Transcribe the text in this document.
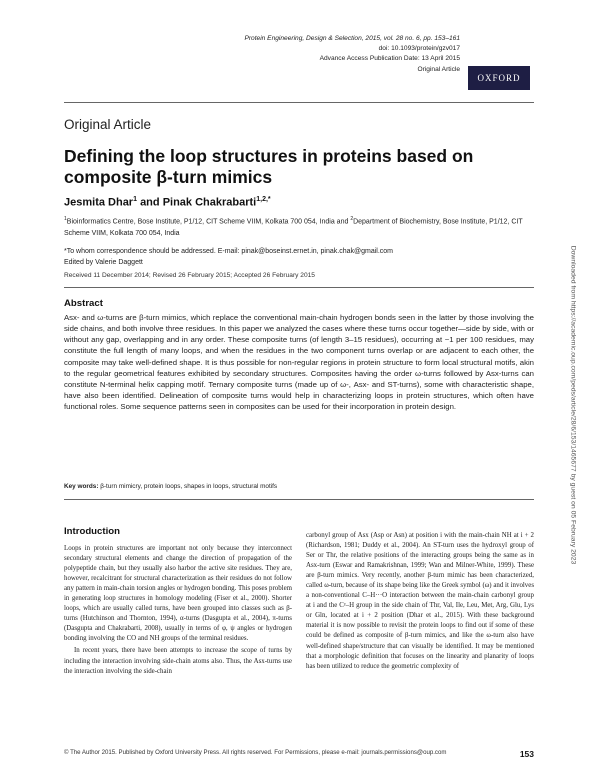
Protein Engineering, Design & Selection, 2015, vol. 28 no. 6, pp. 153–161
doi: 10.1093/protein/gzv017
Advance Access Publication Date: 13 April 2015
Original Article
OXFORD
Original Article
Defining the loop structures in proteins based on composite β-turn mimics
Jesmita Dhar$^1$ and Pinak Chakrabarti$^{1,2,*}$
$^1$Bioinformatics Centre, Bose Institute, P1/12, CIT Scheme VIIM, Kolkata 700 054, India and $^2$Department of Biochemistry, Bose Institute, P1/12, CIT Scheme VIIM, Kolkata 700 054, India
*To whom correspondence should be addressed. E-mail: pinak@boseinst.ernet.in, pinak.chak@gmail.com
Edited by Valerie Daggett
Received 11 December 2014; Revised 26 February 2015; Accepted 26 February 2015
Abstract
Asx- and ω-turns are β-turn mimics, which replace the conventional main-chain hydrogen bonds seen in the latter by those involving the side chains, and both involve three residues. In this paper we analyzed the cases where these turns occur together—side by side, with or without any gap, overlapping and in any order. These composite turns (of length 3–15 residues), occurring at ~1 per 100 residues, may constitute the full length of many loops, and when the residues in the two component turns overlap or are adjacent to each other, the composite may take well-defined shape. It is thus possible for non-regular regions in protein structure to form local structural motifs, akin to the regular geometrical features exhibited by secondary structures. Composites having the order ω-turns followed by Asx-turns can constitute N-terminal helix capping motif. Ternary composite turns (made up of ω-, Asx- and ST-turns), some with characteristic shape, have also been identified. Delineation of composite turns would help in characterizing loops in protein structures, which often have functional roles. Some sequence patterns seen in composites can be used for their incorporation in protein design.
Key words: β-turn mimicry, protein loops, shapes in loops, structural motifs
Introduction
Loops in protein structures are important not only because they interconnect secondary structural elements and change the direction of propagation of the polypeptide chain, but they usually also harbor the active site residues. They are, however, recalcitrant for structural characterization as their residues do not follow any pattern in main-chain torsion angles or hydrogen bonding. This poses problem in generating loop structures in homology modeling (Fiser et al., 2000). Shorter loops, which are usually called turns, have been grouped into classes such as β-turns (Hutchinson and Thornton, 1994), α-turns (Dasgupta et al., 2004), π-turns (Dasgupta and Chakrabarti, 2008), usually in terms of φ, ψ angles or hydrogen bonding involving the CO and NH groups of the terminal residues.
In recent years, there have been attempts to increase the scope of turns by including the interaction involving side-chain atoms also. Thus, the Asx-turns use the interaction involving the side-chain
carbonyl group of Asx (Asp or Asn) at position i with the main-chain NH at i + 2 (Richardson, 1981; Duddy et al., 2004). An ST-turn uses the hydroxyl group of Ser or Thr, the relative positions of the interacting groups being the same as in Asx-turn (Eswar and Ramakrishnan, 1999; Wan and Milner-White, 1999). These are β-turn mimics. Very recently, another β-turn mimic has been characterized, called ω-turn, because of its shape being like the Greek symbol (ω) and it involves a non-conventional C–H···O interaction between the main-chain carbonyl group at i and the Cᵞ–H group in the side chain of Thr, Val, Ile, Leu, Met, Arg, Glu, Lys or Gln, located at i + 2 position (Dhar et al., 2015). With these background material it is now possible to revisit the protein loops to find out if some of these could be defined as composite of β-turn mimics, and like the ω-turn also have well-defined shape/structure that can visually be identified. It may be mentioned that a morphologic definition that focuses on the linearity and planarity of loops has been utilized to reduce the geometric complexity of
© The Author 2015. Published by Oxford University Press. All rights reserved. For Permissions, please e-mail: journals.permissions@oup.com	153
Downloaded from https://academic.oup.com/peds/article/28/6/153/1465677 by guest on 05 February 2023
